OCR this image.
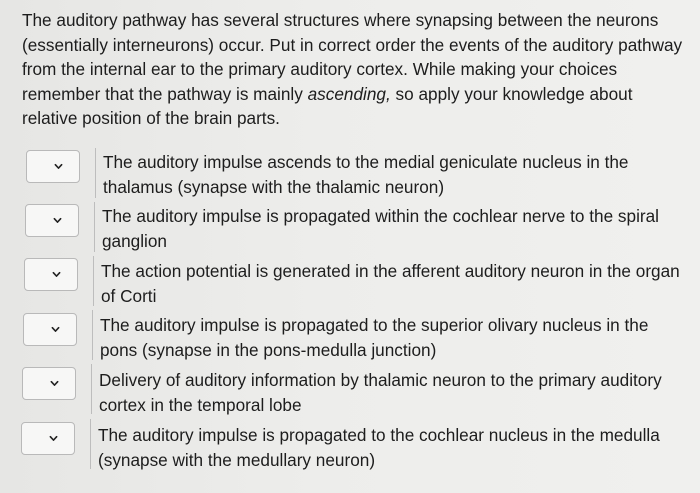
The auditory pathway has several structures where synapsing between the neurons (essentially interneurons) occur. Put in correct order the events of the auditory pathway from the internal ear to the primary auditory cortex. While making your choices remember that the pathway is mainly ascending, so apply your knowledge about relative position of the brain parts.
The auditory impulse ascends to the medial geniculate nucleus in the thalamus (synapse with the thalamic neuron)
The auditory impulse is propagated within the cochlear nerve to the spiral ganglion
The action potential is generated in the afferent auditory neuron in the organ of Corti
The auditory impulse is propagated to the superior olivary nucleus in the pons (synapse in the pons-medulla junction)
Delivery of auditory information by thalamic neuron to the primary auditory cortex in the temporal lobe
The auditory impulse is propagated to the cochlear nucleus in the medulla (synapse with the medullary neuron)
